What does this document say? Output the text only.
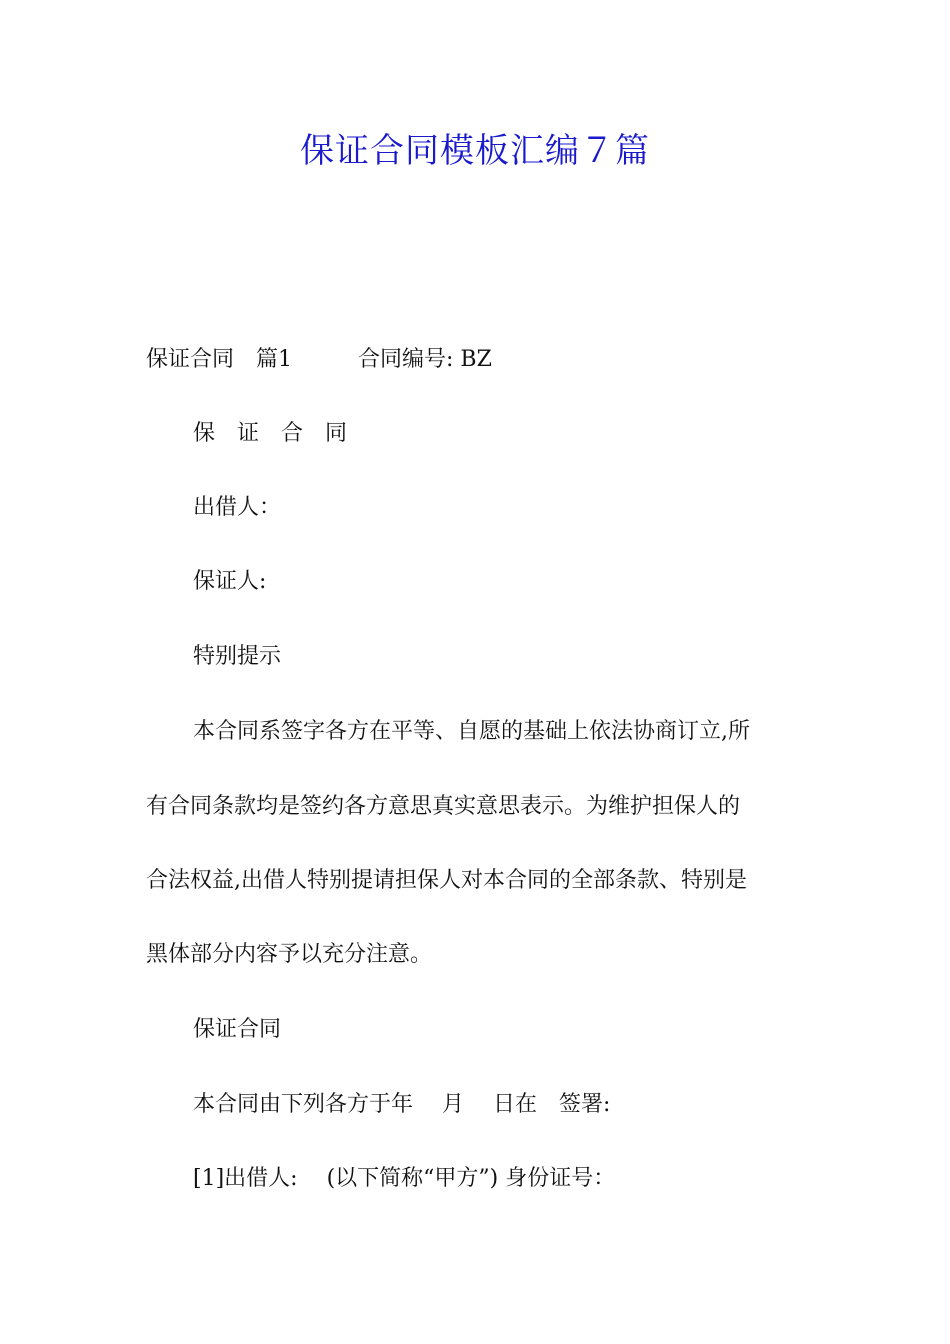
保证合同模板汇编７篇
保证合同　篇1　　　合同编号: BZ
保　证　合　同
出借人：
保证人:
特别提示
本合同系签字各方在平等、自愿的基础上依法协商订立,所
有合同条款均是签约各方意思真实意思表示。为维护担保人的
合法权益,出借人特别提请担保人对本合同的全部条款、特别是
黑体部分内容予以充分注意。
保证合同
本合同由下列各方于年　 月　 日在　签署:
[1]出借人:　 (以下简称“甲方”) 身份证号：
